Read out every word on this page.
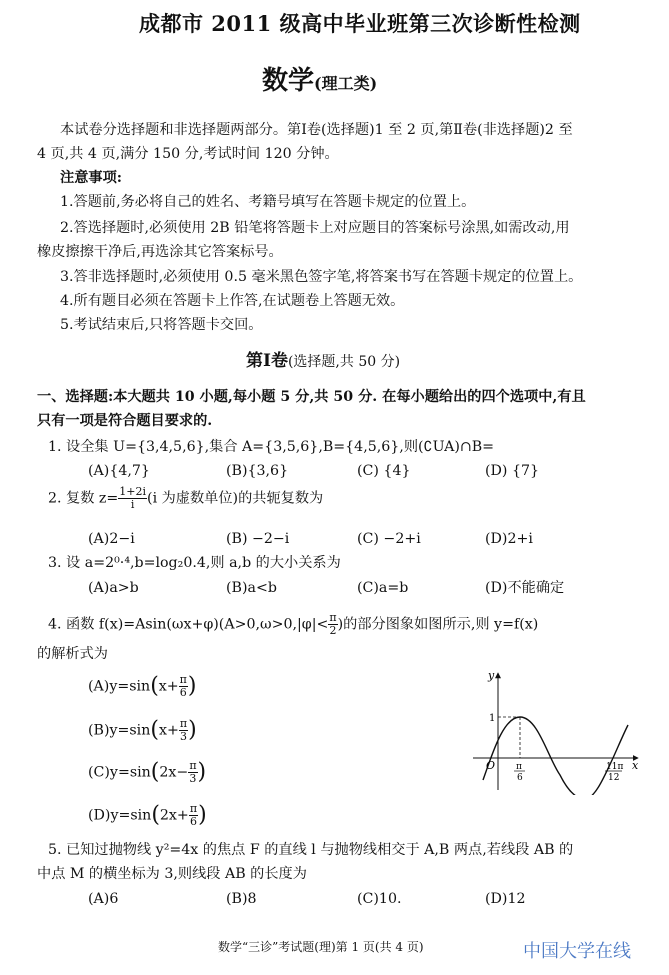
成都市 2011 级高中毕业班第三次诊断性检测
数学(理工类)
本试卷分选择题和非选择题两部分。第Ⅰ卷(选择题)1 至 2 页,第Ⅱ卷(非选择题)2 至
4 页,共 4 页,满分 150 分,考试时间 120 分钟。
注意事项:
1.答题前,务必将自己的姓名、考籍号填写在答题卡规定的位置上。
2.答选择题时,必须使用 2B 铅笔将答题卡上对应题目的答案标号涂黑,如需改动,用
橡皮擦擦干净后,再选涂其它答案标号。
3.答非选择题时,必须使用 0.5 毫米黑色签字笔,将答案书写在答题卡规定的位置上。
4.所有题目必须在答题卡上作答,在试题卷上答题无效。
5.考试结束后,只将答题卡交回。
第Ⅰ卷(选择题,共 50 分)
一、选择题:本大题共 10 小题,每小题 5 分,共 50 分. 在每小题给出的四个选项中,有且
只有一项是符合题目要求的.
1. 设全集 U={3,4,5,6},集合 A={3,5,6},B={4,5,6},则(∁UA)∩B=
(A){4,7}	(B){3,6}	(C) {4}	(D) {7}
2. 复数 $z= \frac{1+2i}{i} (i$ 为虚数单位)的共轭复数为
(A)2−i	(B) −2−i	(C) −2+i	(D)2+i
3. 设 a=2⁰·⁴,b=log₂0.4,则 a,b 的大小关系为
(A)a>b	(B)a<b	(C)a=b	(D)不能确定
4. 函数 $f(x)=Asin(\omega x+\varphi)(A>0,\omega>0,|\varphi|< \frac{\pi}{2}$ )的部分图象如图所示,则 y=f(x)
的解析式为
$(A)y=\sin(x+ \frac{\pi}{6}$ )
$(B)y=\sin(x+ \frac{\pi}{3}$ )
$(C)y=\sin(2x- \frac{\pi}{3}$ )
$(D)y=\sin(2x+ \frac{\pi}{6}$ )
y
x
O
1
π
6
11π
12
5. 已知过抛物线 y²=4x 的焦点 F 的直线 l 与抛物线相交于 A,B 两点,若线段 AB 的
中点 M 的横坐标为 3,则线段 AB 的长度为
(A)6	(B)8	(C)10.	(D)12
数学“三诊”考试题(理)第 1 页(共 4 页)	中国大学在线
